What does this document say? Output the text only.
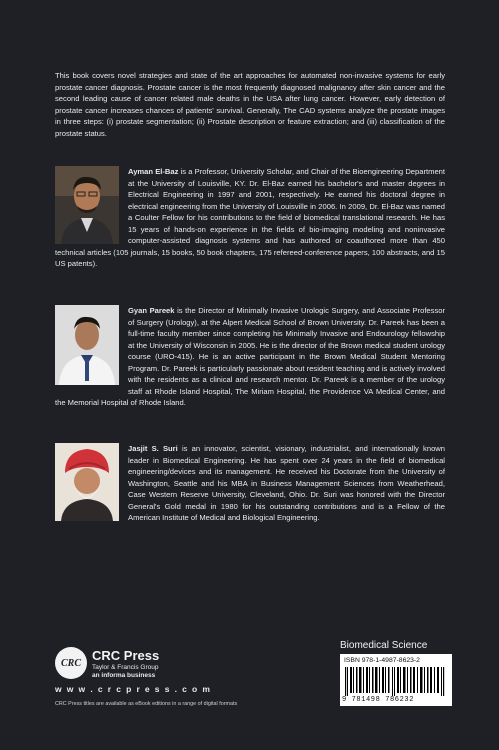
This book covers novel strategies and state of the art approaches for automated non-invasive systems for early prostate cancer diagnosis. Prostate cancer is the most frequently diagnosed malignancy after skin cancer and the second leading cause of cancer related male deaths in the USA after lung cancer. However, early detection of prostate cancer increases chances of patients' survival. Generally, The CAD systems analyze the prostate images in three steps: (i) prostate segmentation; (ii) Prostate description or feature extraction; and (iii) classification of the prostate status.
Ayman El-Baz is a Professor, University Scholar, and Chair of the Bioengineering Department at the University of Louisville, KY. Dr. El-Baz earned his bachelor's and master degrees in Electrical Engineering in 1997 and 2001, respectively. He earned his doctoral degree in electrical engineering from the University of Louisville in 2006. In 2009, Dr. El-Baz was named a Coulter Fellow for his contributions to the field of biomedical translational research. He has 15 years of hands-on experience in the fields of bio-imaging modeling and noninvasive computer-assisted diagnosis systems and has authored or coauthored more than 450 technical articles (105 journals, 15 books, 50 book chapters, 175 refereed-conference papers, 100 abstracts, and 15 US patents).
Gyan Pareek is the Director of Minimally Invasive Urologic Surgery, and Associate Professor of Surgery (Urology), at the Alpert Medical School of Brown University. Dr. Pareek has been a full-time faculty member since completing his Minimally Invasive and Endourology fellowship at the University of Wisconsin in 2005. He is the director of the Brown medical student urology course (URO-415). He is an active participant in the Brown Medical Student Mentoring Program. Dr. Pareek is particularly passionate about resident teaching and is actively involved with the residents as a clinical and research mentor. Dr. Pareek is a member of the urology staff at Rhode Island Hospital, The Miriam Hospital, the Providence VA Medical Center, and the Memorial Hospital of Rhode Island.
Jasjit S. Suri is an innovator, scientist, visionary, industrialist, and internationally known leader in Biomedical Engineering. He has spent over 24 years in the field of biomedical engineering/devices and its management. He received his Doctorate from the University of Washington, Seattle and his MBA in Business Management Sciences from Weatherhead, Case Western Reserve University, Cleveland, Ohio. Dr. Suri was honored with the Director General's Gold medal in 1980 for his outstanding contributions and is a Fellow of the American Institute of Medical and Biological Engineering.
CRC CRC Press
Taylor & Francis Group
an informa business
w w w . c r c p r e s s . c o m
CRC Press titles are available as eBook editions in a range of digital formats
Biomedical Science
ISBN 978-1-4987-8623-2
9 781498 786232
